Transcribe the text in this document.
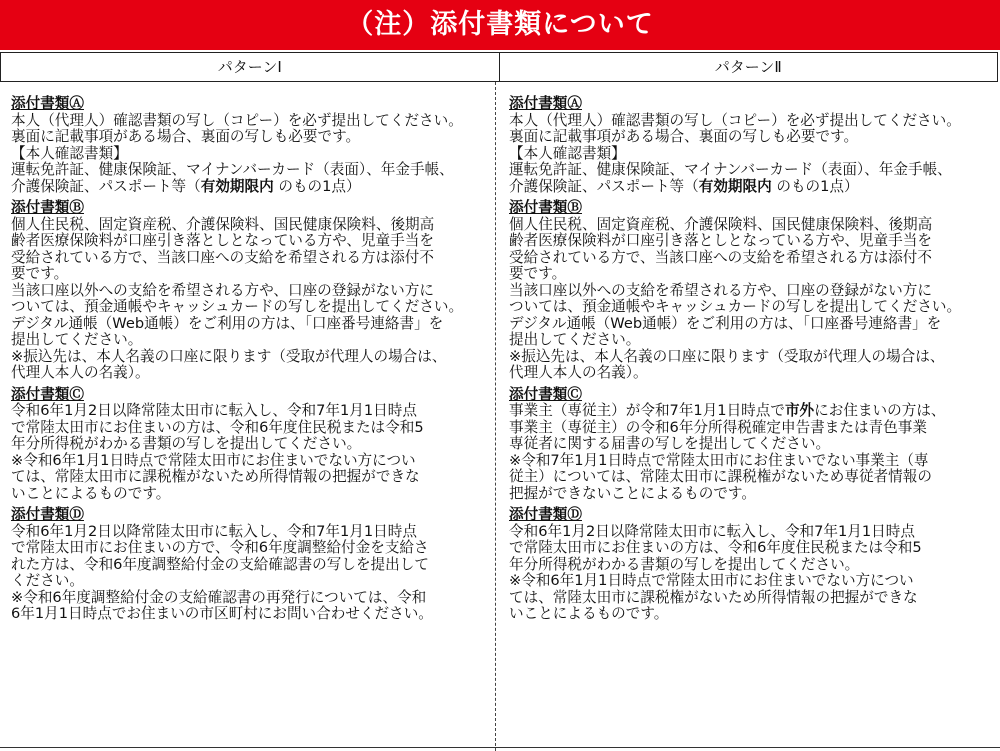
（注）添付書類について
パターンⅠ	パターンⅡ
添付書類Ⓐ
本人（代理人）確認書類の写し（コピー）を必ず提出してください。
裏面に記載事項がある場合、裏面の写しも必要です。
【本人確認書類】
運転免許証、健康保険証、マイナンバーカード（表面）、年金手帳、
介護保険証、パスポート等（有効期限内 のもの1点）
添付書類Ⓑ
個人住民税、固定資産税、介護保険料、国民健康保険料、後期高
齢者医療保険料が口座引き落としとなっている方や、児童手当を
受給されている方で、当該口座への支給を希望される方は添付不
要です。
当該口座以外への支給を希望される方や、口座の登録がない方に
ついては、預金通帳やキャッシュカードの写しを提出してください。
デジタル通帳（Web通帳）をご利用の方は、「口座番号連絡書」を
提出してください。
※振込先は、本人名義の口座に限ります（受取が代理人の場合は、
代理人本人の名義）。
添付書類Ⓒ
令和6年1月2日以降常陸太田市に転入し、令和7年1月1日時点
で常陸太田市にお住まいの方は、令和6年度住民税または令和5
年分所得税がわかる書類の写しを提出してください。
※令和6年1月1日時点で常陸太田市にお住まいでない方につい
ては、常陸太田市に課税権がないため所得情報の把握ができな
いことによるものです。
添付書類Ⓓ
令和6年1月2日以降常陸太田市に転入し、令和7年1月1日時点
で常陸太田市にお住まいの方で、令和6年度調整給付金を支給さ
れた方は、令和6年度調整給付金の支給確認書の写しを提出して
ください。
※令和6年度調整給付金の支給確認書の再発行については、令和
6年1月1日時点でお住まいの市区町村にお問い合わせください。
添付書類Ⓐ
本人（代理人）確認書類の写し（コピー）を必ず提出してください。
裏面に記載事項がある場合、裏面の写しも必要です。
【本人確認書類】
運転免許証、健康保険証、マイナンバーカード（表面）、年金手帳、
介護保険証、パスポート等（有効期限内 のもの1点）
添付書類Ⓑ
個人住民税、固定資産税、介護保険料、国民健康保険料、後期高
齢者医療保険料が口座引き落としとなっている方や、児童手当を
受給されている方で、当該口座への支給を希望される方は添付不
要です。
当該口座以外への支給を希望される方や、口座の登録がない方に
ついては、預金通帳やキャッシュカードの写しを提出してください。
デジタル通帳（Web通帳）をご利用の方は、「口座番号連絡書」を
提出してください。
※振込先は、本人名義の口座に限ります（受取が代理人の場合は、
代理人本人の名義）。
添付書類Ⓒ
事業主（専従主）が令和7年1月1日時点で市外にお住まいの方は、
事業主（専従主）の令和6年分所得税確定申告書または青色事業
専従者に関する届書の写しを提出してください。
※令和7年1月1日時点で常陸太田市にお住まいでない事業主（専
従主）については、常陸太田市に課税権がないため専従者情報の
把握ができないことによるものです。
添付書類Ⓓ
令和6年1月2日以降常陸太田市に転入し、令和7年1月1日時点
で常陸太田市にお住まいの方は、令和6年度住民税または令和5
年分所得税がわかる書類の写しを提出してください。
※令和6年1月1日時点で常陸太田市にお住まいでない方につい
ては、常陸太田市に課税権がないため所得情報の把握ができな
いことによるものです。
